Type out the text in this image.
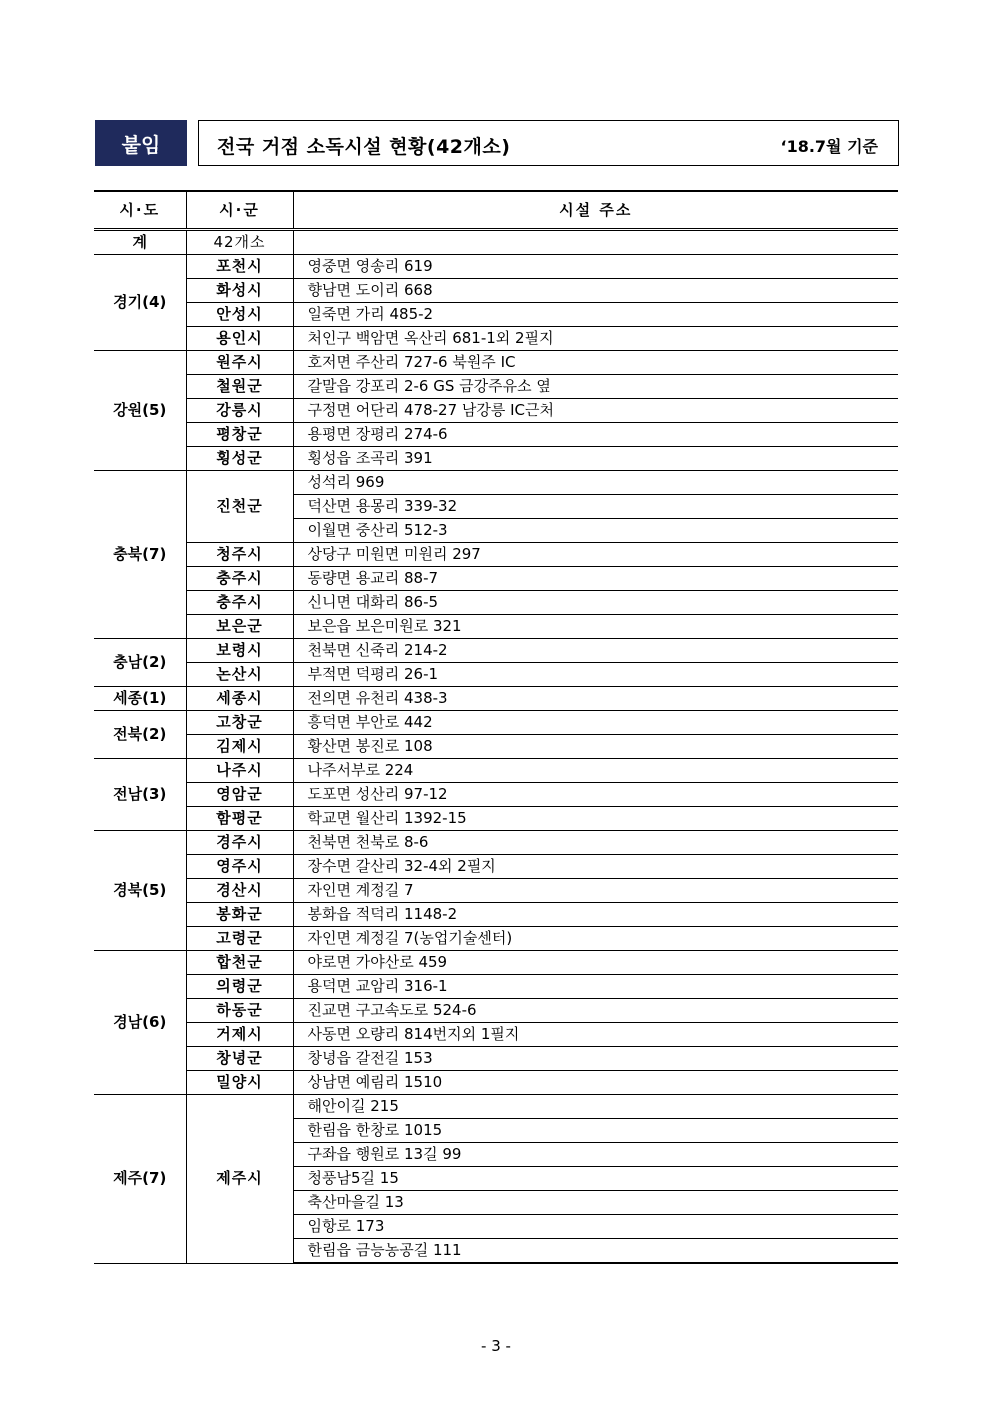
붙임	전국 거점 소독시설 현황(42개소)	‘18.7월 기준
시·도	시·군	시설 주소
계	42개소	
경기(4)	포천시	영중면 영송리 619
	화성시	향남면 도이리 668
	안성시	일죽면 가리 485-2
	용인시	처인구 백암면 옥산리 681-1외 2필지
강원(5)	원주시	호저면 주산리 727-6 북원주 IC
	철원군	갈말읍 강포리 2-6 GS 금강주유소 옆
	강릉시	구정면 어단리 478-27 남강릉 IC근처
	평창군	용평면 장평리 274-6
	횡성군	횡성읍 조곡리 391
충북(7)	진천군	성석리 969
		덕산면 용몽리 339-32
		이월면 중산리 512-3
	청주시	상당구 미원면 미원리 297
	충주시	동량면 용교리 88-7
	충주시	신니면 대화리 86-5
	보은군	보은읍 보은미원로 321
충남(2)	보령시	천북면 신죽리 214-2
	논산시	부적면 덕평리 26-1
세종(1)	세종시	전의면 유천리 438-3
전북(2)	고창군	흥덕면 부안로 442
	김제시	황산면 봉진로 108
전남(3)	나주시	나주서부로 224
	영암군	도포면 성산리 97-12
	함평군	학교면 월산리 1392-15
경북(5)	경주시	천북면 천북로 8-6
	영주시	장수면 갈산리 32-4외 2필지
	경산시	자인면 계정길 7
	봉화군	봉화읍 적덕리 1148-2
	고령군	자인면 계정길 7(농업기술센터)
경남(6)	합천군	야로면 가야산로 459
	의령군	용덕면 교암리 316-1
	하동군	진교면 구고속도로 524-6
	거제시	사동면 오량리 814번지외 1필지
	창녕군	창녕읍 갈전길 153
	밀양시	상남면 예림리 1510
제주(7)	제주시	해안이길 215
		한림읍 한창로 1015
		구좌읍 행원로 13길 99
		청풍남5길 15
		축산마을길 13
		임항로 173
		한림읍 금능농공길 111
- 3 -
